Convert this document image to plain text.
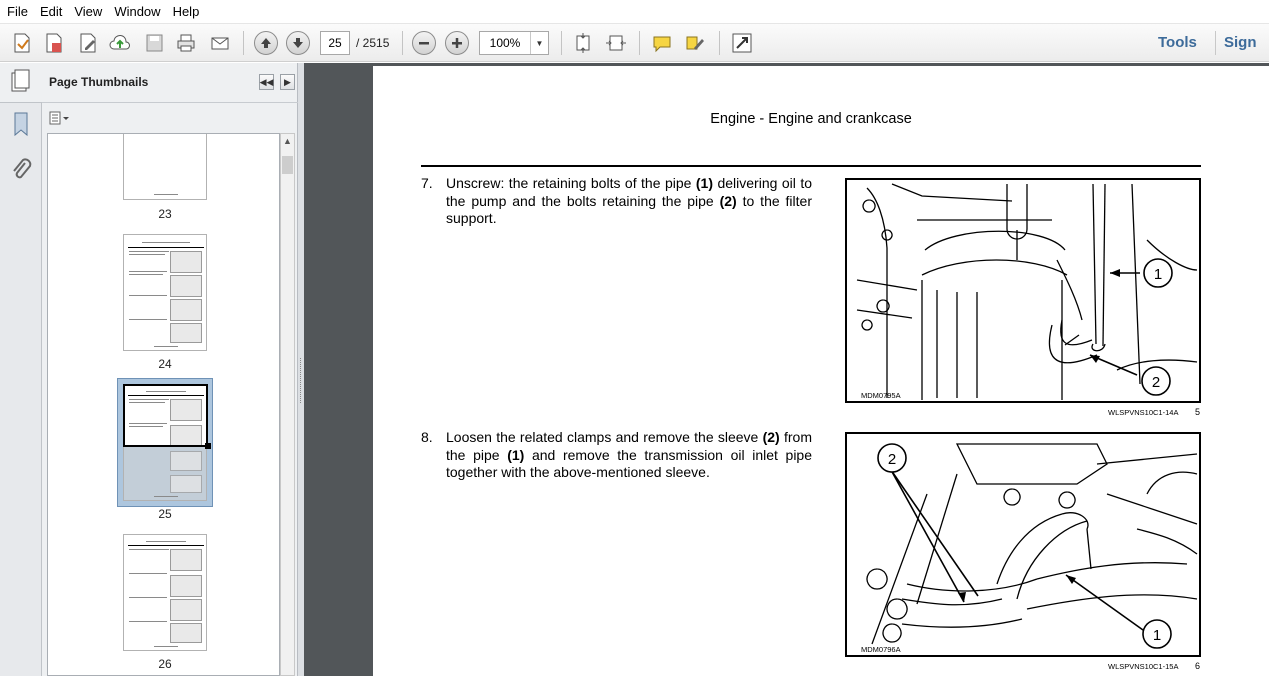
File Edit View Window Help
25
/ 2515	100%	▼	Tools	Sign
Page Thumbnails	◀◀	▶
23
24
25
26
▲
Engine - Engine and crankcase
7. Unscrew: the retaining bolts of the pipe (1) delivering oil to the pump and the bolts retaining the pipe (2) to the filter support.
1
2
MDM0795A
WLSPVNS10C1-14A 5
8. Loosen the related clamps and remove the sleeve (2) from the pipe (1) and remove the transmission oil inlet pipe together with the above-mentioned sleeve.
2
1
MDM0796A
WLSPVNS10C1-15A 6
